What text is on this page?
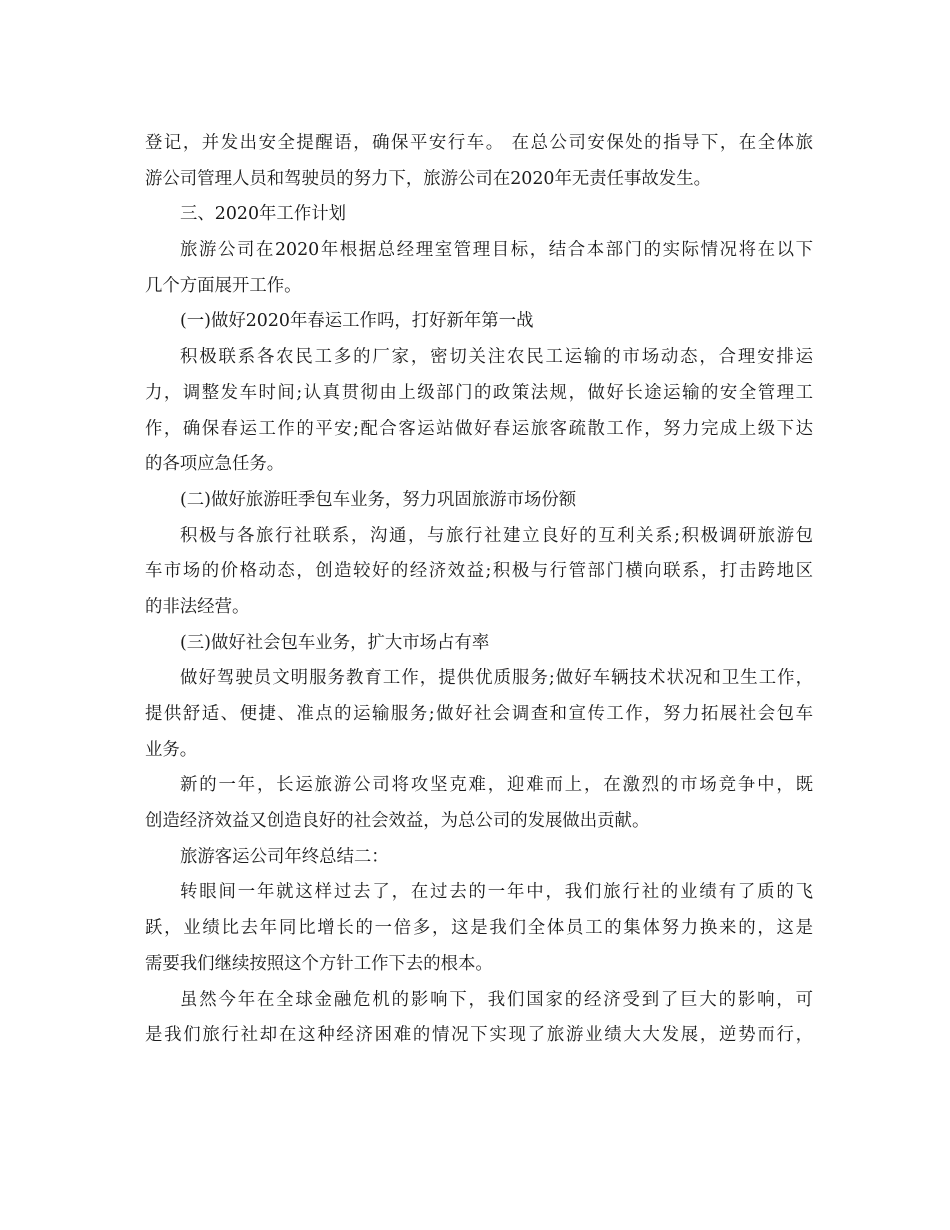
登记，并发出安全提醒语，确保平安行车。 在总公司安保处的指导下，在全体旅
游公司管理人员和驾驶员的努力下，旅游公司在2020年无责任事故发生。
三、2020年工作计划
旅游公司在2020年根据总经理室管理目标，结合本部门的实际情况将在以下
几个方面展开工作。
(一)做好2020年春运工作吗，打好新年第一战
积极联系各农民工多的厂家，密切关注农民工运输的市场动态，合理安排运
力，调整发车时间;认真贯彻由上级部门的政策法规，做好长途运输的安全管理工
作，确保春运工作的平安;配合客运站做好春运旅客疏散工作，努力完成上级下达
的各项应急任务。
(二)做好旅游旺季包车业务，努力巩固旅游市场份额
积极与各旅行社联系，沟通，与旅行社建立良好的互利关系;积极调研旅游包
车市场的价格动态，创造较好的经济效益;积极与行管部门横向联系，打击跨地区
的非法经营。
(三)做好社会包车业务，扩大市场占有率
做好驾驶员文明服务教育工作，提供优质服务;做好车辆技术状况和卫生工作，
提供舒适、便捷、准点的运输服务;做好社会调查和宣传工作，努力拓展社会包车
业务。
新的一年，长运旅游公司将攻坚克难，迎难而上，在激烈的市场竞争中，既
创造经济效益又创造良好的社会效益，为总公司的发展做出贡献。
旅游客运公司年终总结二：
转眼间一年就这样过去了，在过去的一年中，我们旅行社的业绩有了质的飞
跃，业绩比去年同比增长的一倍多，这是我们全体员工的集体努力换来的，这是
需要我们继续按照这个方针工作下去的根本。
虽然今年在全球金融危机的影响下，我们国家的经济受到了巨大的影响，可
是我们旅行社却在这种经济困难的情况下实现了旅游业绩大大发展，逆势而行，
